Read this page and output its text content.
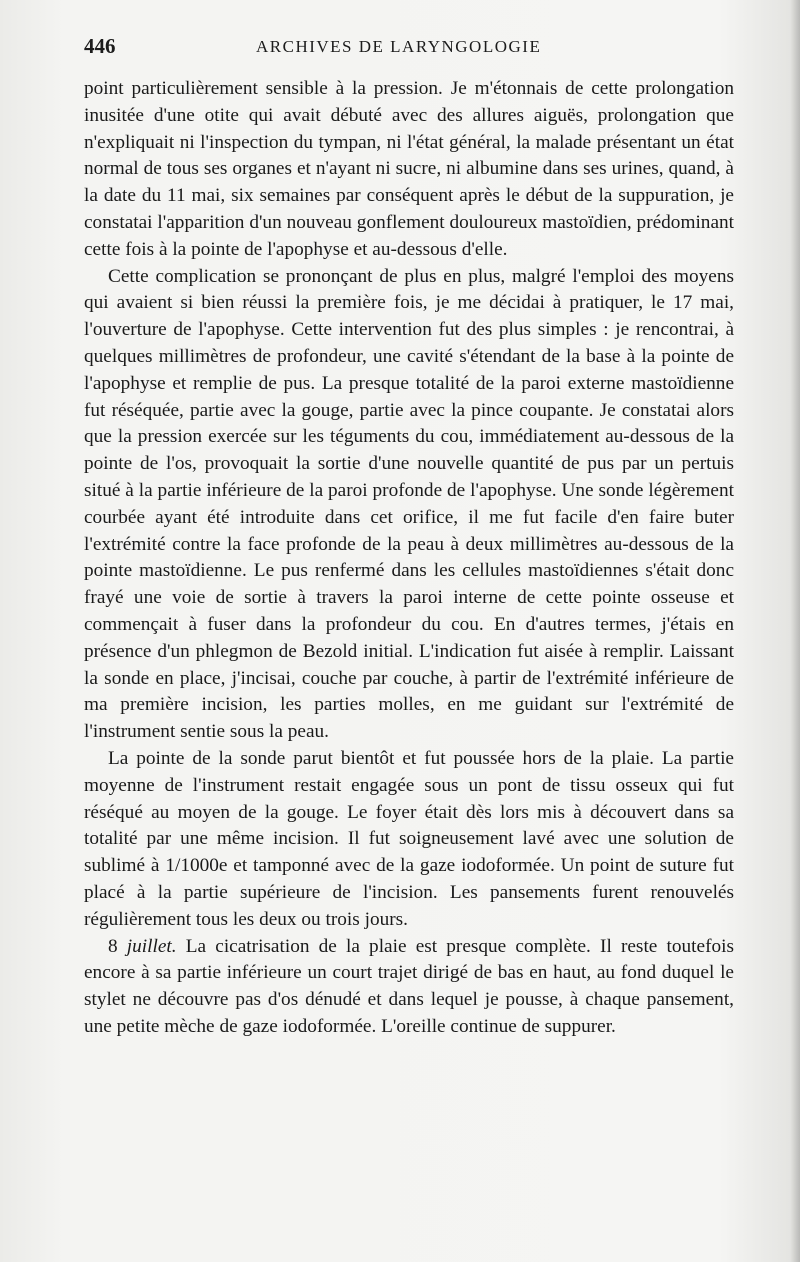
446	ARCHIVES DE LARYNGOLOGIE

point particulièrement sensible à la pression. Je m'étonnais de cette prolongation inusitée d'une otite qui avait débuté avec des allures aiguës, prolongation que n'expliquait ni l'inspection du tympan, ni l'état général, la malade présentant un état normal de tous ses organes et n'ayant ni sucre, ni albumine dans ses urines, quand, à la date du 11 mai, six semaines par conséquent après le début de la suppuration, je constatai l'apparition d'un nouveau gonflement douloureux mastoïdien, prédominant cette fois à la pointe de l'apophyse et au-dessous d'elle.

Cette complication se prononçant de plus en plus, malgré l'emploi des moyens qui avaient si bien réussi la première fois, je me décidai à pratiquer, le 17 mai, l'ouverture de l'apophyse. Cette intervention fut des plus simples : je rencontrai, à quelques millimètres de profondeur, une cavité s'étendant de la base à la pointe de l'apophyse et remplie de pus. La presque totalité de la paroi externe mastoïdienne fut réséquée, partie avec la gouge, partie avec la pince coupante. Je constatai alors que la pression exercée sur les téguments du cou, immédiatement au-dessous de la pointe de l'os, provoquait la sortie d'une nouvelle quantité de pus par un pertuis situé à la partie inférieure de la paroi profonde de l'apophyse. Une sonde légèrement courbée ayant été introduite dans cet orifice, il me fut facile d'en faire buter l'extrémité contre la face profonde de la peau à deux millimètres au-dessous de la pointe mastoïdienne. Le pus renfermé dans les cellules mastoïdiennes s'était donc frayé une voie de sortie à travers la paroi interne de cette pointe osseuse et commençait à fuser dans la profondeur du cou. En d'autres termes, j'étais en présence d'un phlegmon de Bezold initial. L'indication fut aisée à remplir. Laissant la sonde en place, j'incisai, couche par couche, à partir de l'extrémité inférieure de ma première incision, les parties molles, en me guidant sur l'extrémité de l'instrument sentie sous la peau.

La pointe de la sonde parut bientôt et fut poussée hors de la plaie. La partie moyenne de l'instrument restait engagée sous un pont de tissu osseux qui fut réséqué au moyen de la gouge. Le foyer était dès lors mis à découvert dans sa totalité par une même incision. Il fut soigneusement lavé avec une solution de sublimé à 1/1000e et tamponné avec de la gaze iodoformée. Un point de suture fut placé à la partie supérieure de l'incision. Les pansements furent renouvelés régulièrement tous les deux ou trois jours.

8 juillet. La cicatrisation de la plaie est presque complète. Il reste toutefois encore à sa partie inférieure un court trajet dirigé de bas en haut, au fond duquel le stylet ne découvre pas d'os dénudé et dans lequel je pousse, à chaque pansement, une petite mèche de gaze iodoformée. L'oreille continue de suppurer.
